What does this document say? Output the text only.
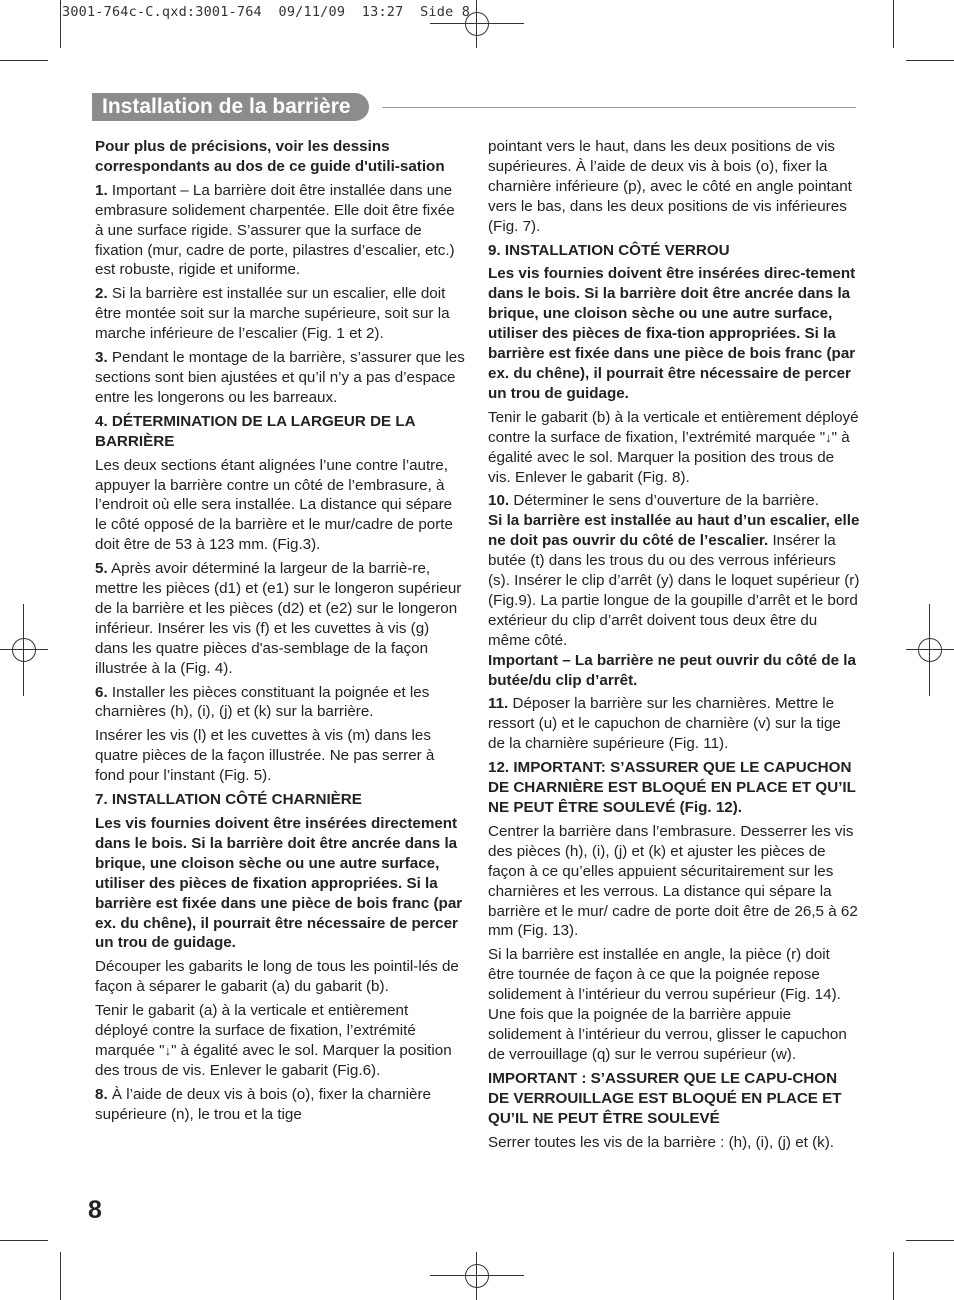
3001-764c-C.qxd:3001-764  09/11/09  13:27  Side 8
Installation de la barrière

Pour plus de précisions, voir les dessins correspondants au dos de ce guide d'utili-sation

1. Important – La barrière doit être installée dans une embrasure solidement charpentée. Elle doit être fixée à une surface rigide. S’assurer que la surface de fixation (mur, cadre de porte, pilastres d’escalier, etc.) est robuste, rigide et uniforme.

2. Si la barrière est installée sur un escalier, elle doit être montée soit sur la marche supérieure, soit sur la marche inférieure de l’escalier (Fig. 1 et 2).

3. Pendant le montage de la barrière, s’assurer que les sections sont bien ajustées et qu’il n’y a pas d’espace entre les longerons ou les barreaux.

4. DÉTERMINATION DE LA LARGEUR DE LA BARRIÈRE

Les deux sections étant alignées l’une contre l’autre, appuyer la barrière contre un côté de l’embrasure, à l’endroit où elle sera installée. La distance qui sépare le côté opposé de la barrière et le mur/cadre de porte doit être de 53 à 123 mm. (Fig.3).

5. Après avoir déterminé la largeur de la barriè-re, mettre les pièces (d1) et (e1) sur le longeron supérieur de la barrière et les pièces (d2) et (e2) sur le longeron inférieur. Insérer les vis (f) et les cuvettes à vis (g) dans les quatre pièces d'as-semblage de la façon illustrée à la (Fig. 4).

6. Installer les pièces constituant la poignée et les charnières (h), (i), (j) et (k) sur la barrière.

Insérer les vis (l) et les cuvettes à vis (m) dans les quatre pièces de la façon illustrée. Ne pas serrer à fond pour l’instant (Fig. 5).

7. INSTALLATION CÔTÉ CHARNIÈRE

Les vis fournies doivent être insérées directement dans le bois. Si la barrière doit être ancrée dans la brique, une cloison sèche ou une autre surface, utiliser des pièces de fixation appropriées. Si la barrière est fixée dans une pièce de bois franc (par ex. du chêne), il pourrait être nécessaire de percer un trou de guidage.

Découper les gabarits le long de tous les pointil-lés de façon à séparer le gabarit (a) du gabarit (b).

Tenir le gabarit (a) à la verticale et entièrement déployé contre la surface de fixation, l’extrémité marquée "↓" à égalité avec le sol. Marquer la position des trous de vis. Enlever le gabarit (Fig.6).

8. À l’aide de deux vis à bois (o), fixer la charnière supérieure (n), le trou et la tige

pointant vers le haut, dans les deux positions de vis supérieures. À l’aide de deux vis à bois (o), fixer la charnière inférieure (p), avec le côté en angle pointant vers le bas, dans les deux positions de vis inférieures (Fig. 7).

9. INSTALLATION CÔTÉ VERROU

Les vis fournies doivent être insérées direc-tement dans le bois. Si la barrière doit être ancrée dans la brique, une cloison sèche ou une autre surface, utiliser des pièces de fixa-tion appropriées. Si la barrière est fixée dans une pièce de bois franc (par ex. du chêne), il pourrait être nécessaire de percer un trou de guidage.

Tenir le gabarit (b) à la verticale et entièrement déployé contre la surface de fixation, l’extrémité marquée "↓" à égalité avec le sol. Marquer la position des trous de vis. Enlever le gabarit (Fig. 8).

10. Déterminer le sens d’ouverture de la barrière.
Si la barrière est installée au haut d’un escalier, elle ne doit pas ouvrir du côté de l’escalier. Insérer la butée (t) dans les trous du ou des verrous inférieurs (s). Insérer le clip d’arrêt (y) dans le loquet supérieur (r) (Fig.9). La partie longue de la goupille d’arrêt et le bord extérieur du clip d’arrêt doivent tous deux être du même côté.
Important – La barrière ne peut ouvrir du côté de la butée/du clip d’arrêt.

11. Déposer la barrière sur les charnières. Mettre le ressort (u) et le capuchon de charnière (v) sur la tige de la charnière supérieure (Fig. 11).

12. IMPORTANT: S’ASSURER QUE LE CAPUCHON DE CHARNIÈRE EST BLOQUÉ EN PLACE ET QU’IL NE PEUT ÊTRE SOULEVÉ (Fig. 12).

Centrer la barrière dans l’embrasure. Desserrer les vis des pièces (h), (i), (j) et (k) et ajuster les pièces de façon à ce qu’elles appuient sécuritairement sur les charnières et les verrous. La distance qui sépare la barrière et le mur/ cadre de porte doit être de 26,5 à 62 mm (Fig. 13).

Si la barrière est installée en angle, la pièce (r) doit être tournée de façon à ce que la poignée repose solidement à l’intérieur du verrou supérieur (Fig. 14). Une fois que la poignée de la barrière appuie solidement à l’intérieur du verrou, glisser le capuchon de verrouillage (q) sur le verrou supérieur (w).

IMPORTANT : S’ASSURER QUE LE CAPU-CHON DE VERROUILLAGE EST BLOQUÉ EN PLACE ET QU’IL NE PEUT ÊTRE SOULEVÉ

Serrer toutes les vis de la barrière : (h), (i), (j) et (k).

8
